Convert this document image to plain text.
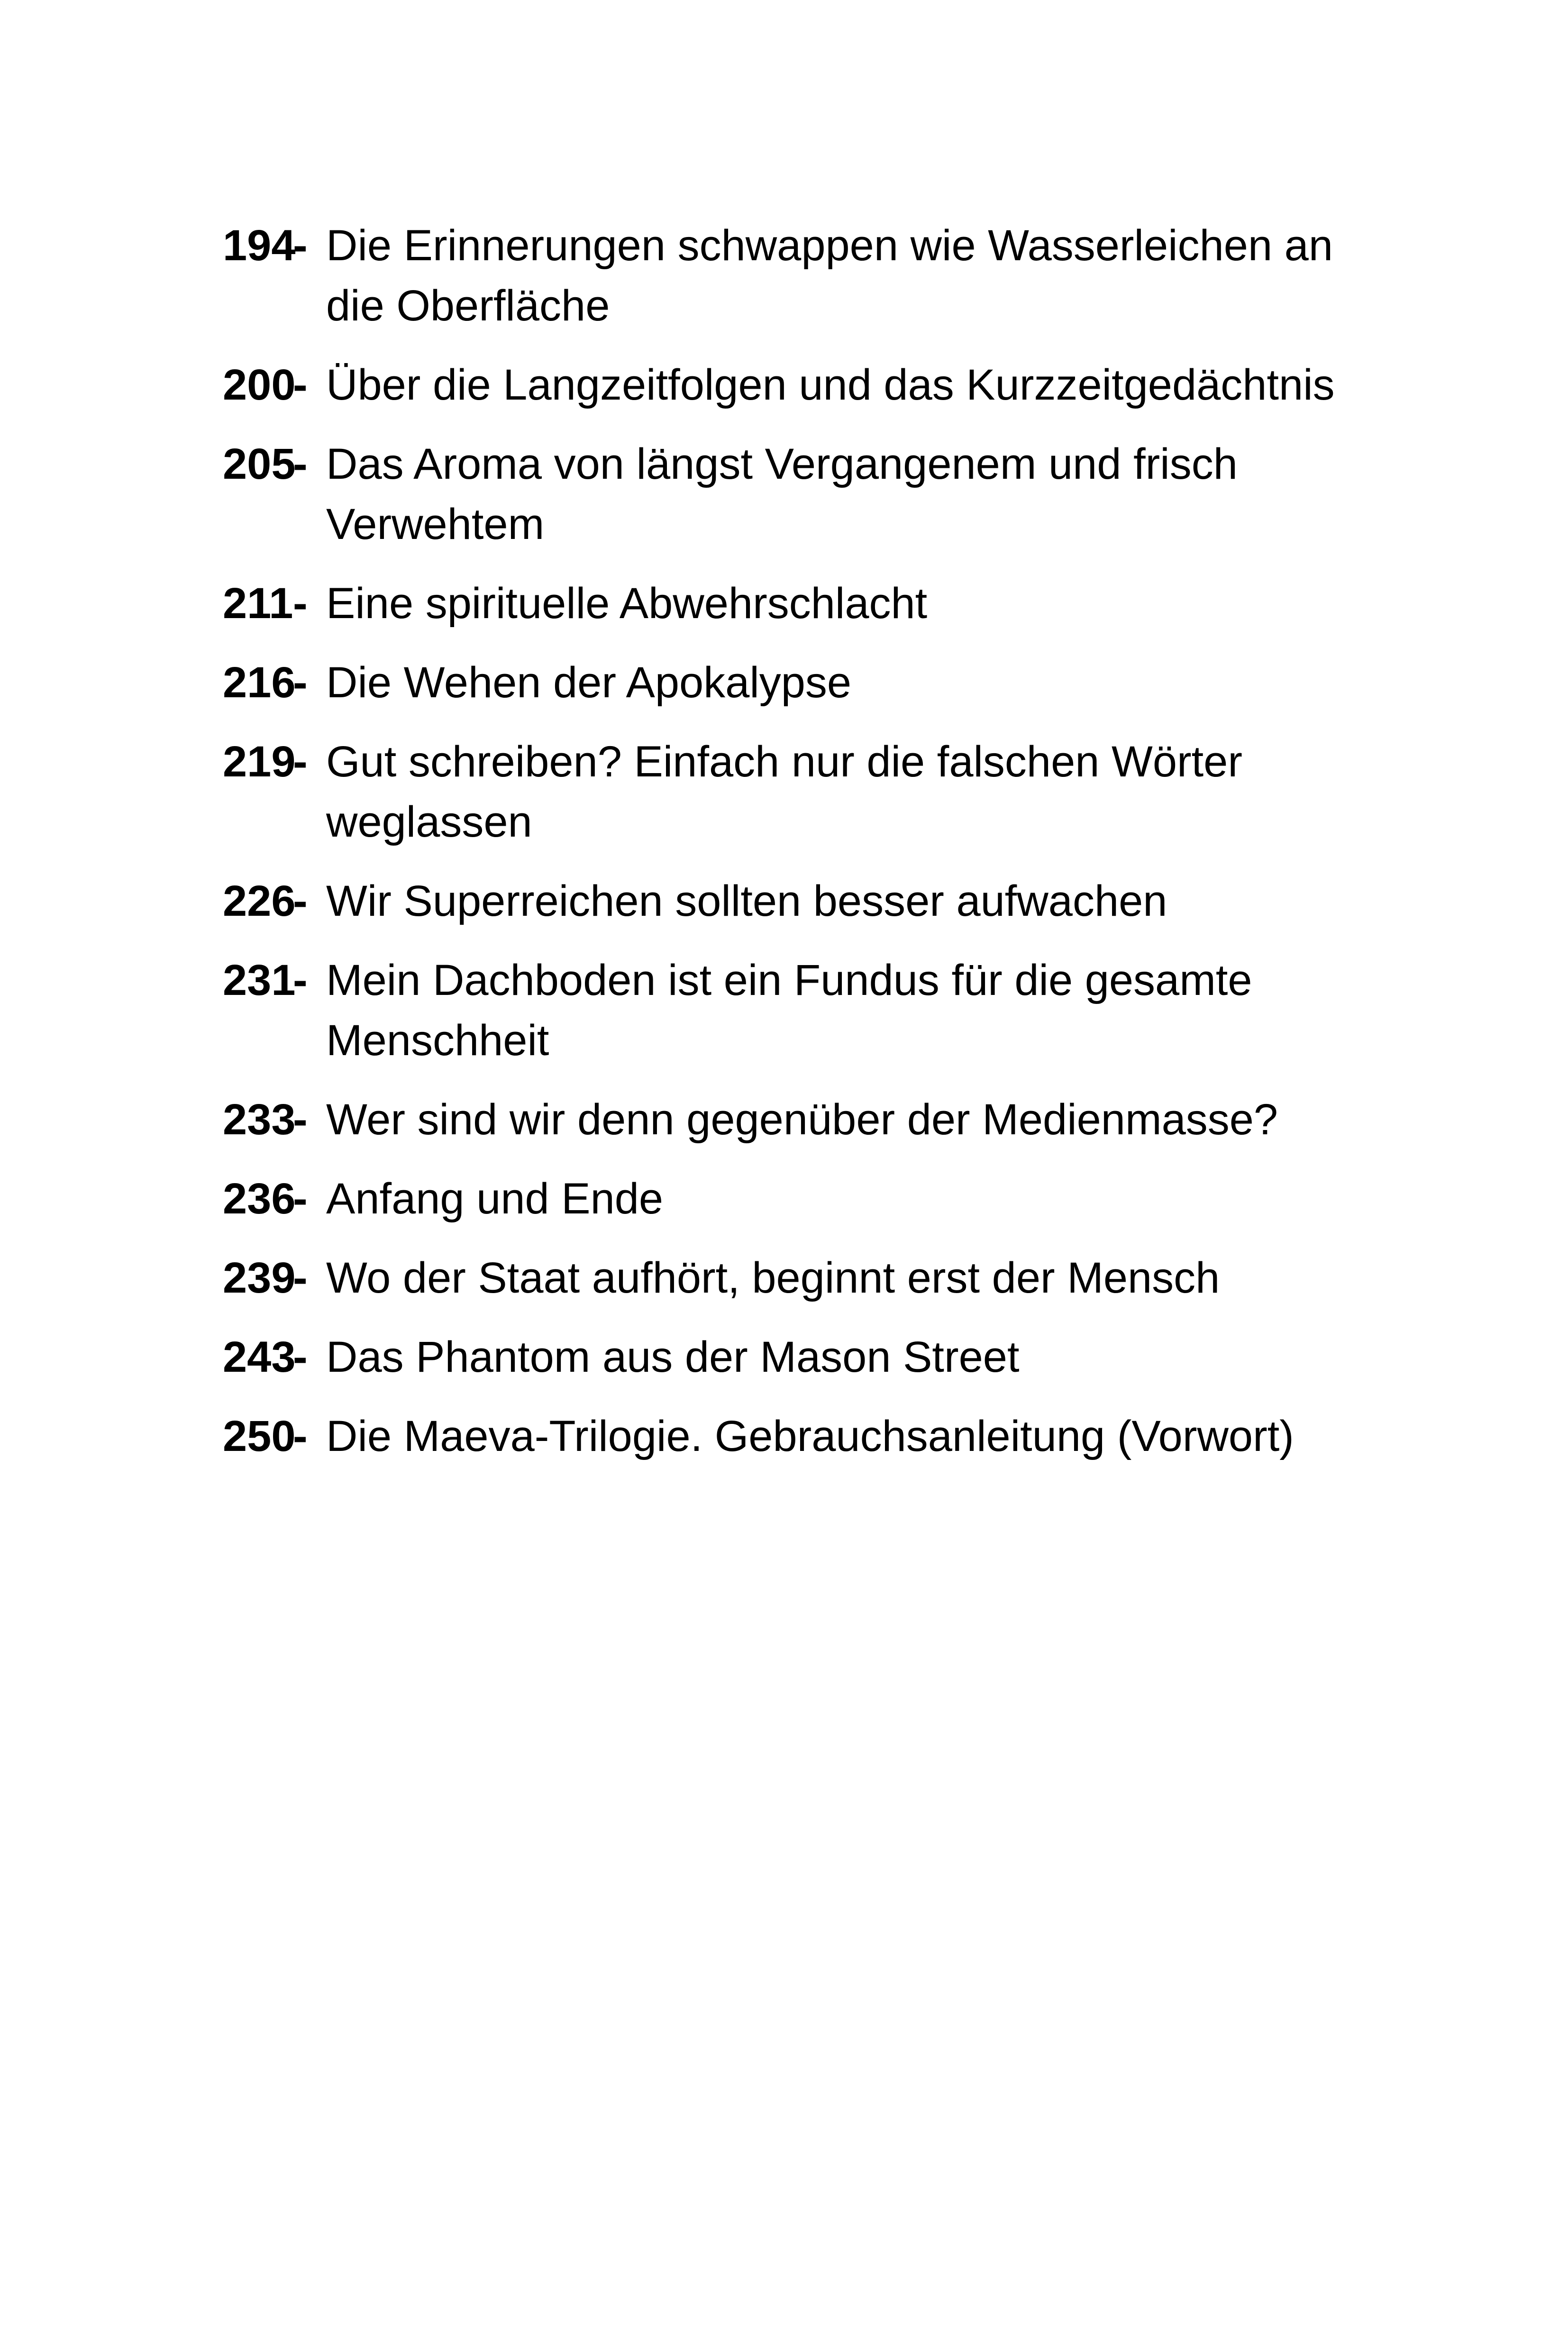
194
- Die Erinnerungen schwappen wie Wasserleichen an die Oberfläche
200
- Über die Langzeitfolgen und das Kurzzeitgedächtnis
205
- Das Aroma von längst Vergangenem und frisch Verwehtem
211 - Eine spirituelle Abwehrschlacht
216
- Die Wehen der Apokalypse
219
- Gut schreiben? Einfach nur die falschen Wörter weglassen
226
- Wir Superreichen sollten besser aufwachen
231
- Mein Dachboden ist ein Fundus für die gesamte Menschheit
233
- Wer sind wir denn gegenüber der Medienmasse?
236
- Anfang und Ende
239
- Wo der Staat aufhört, beginnt erst der Mensch
243
- Das Phantom aus der Mason Street
250
- Die Maeva-Trilogie. Gebrauchsanleitung (Vorwort)
